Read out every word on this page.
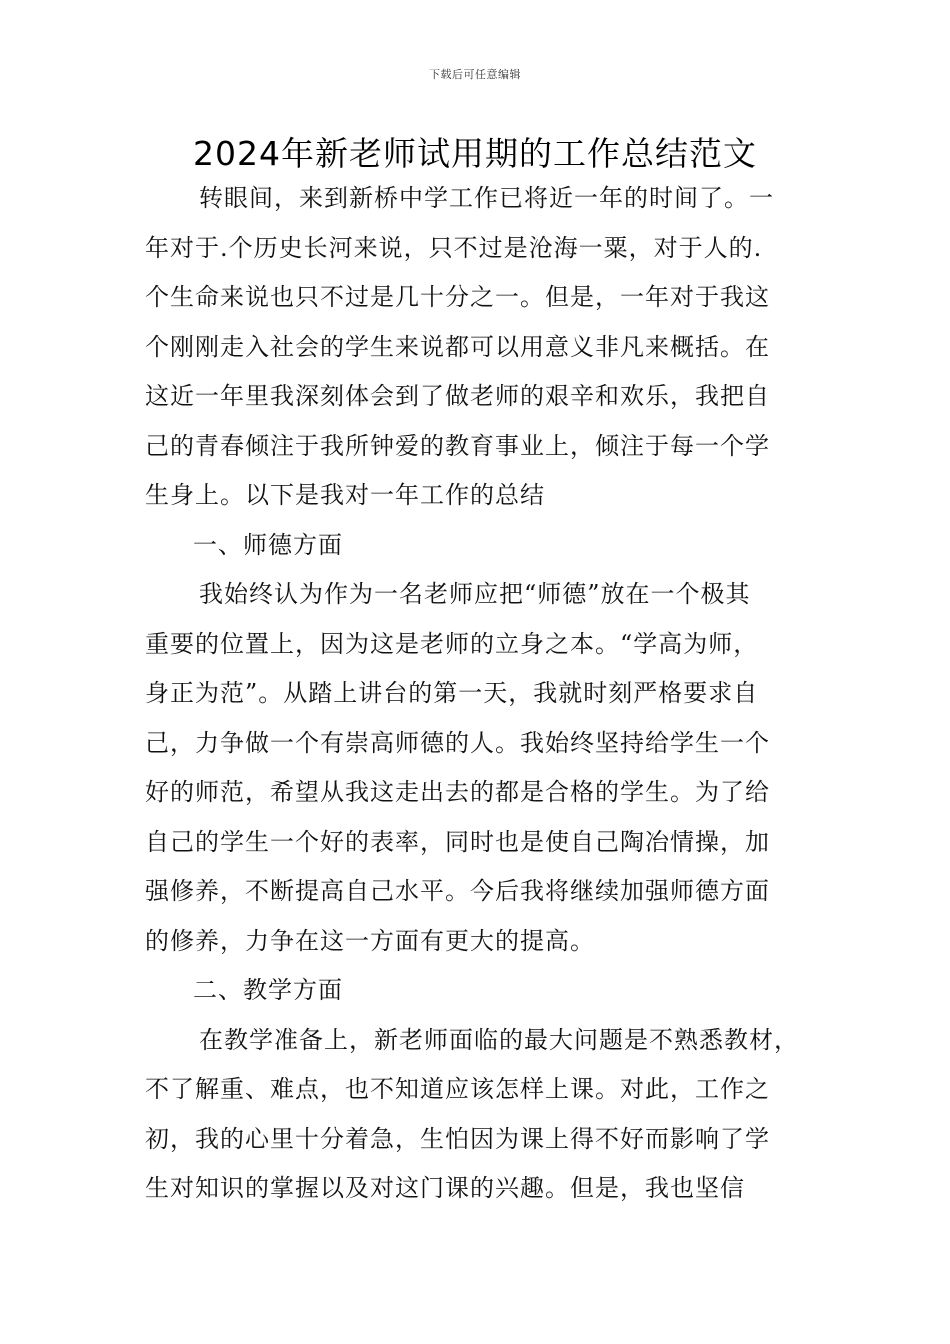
下载后可任意编辑
2024年新老师试用期的工作总结范文
转眼间，来到新桥中学工作已将近一年的时间了。一
年对于.个历史长河来说，只不过是沧海一粟，对于人的.
个生命来说也只不过是几十分之一。但是，一年对于我这
个刚刚走入社会的学生来说都可以用意义非凡来概括。在
这近一年里我深刻体会到了做老师的艰辛和欢乐，我把自
己的青春倾注于我所钟爱的教育事业上，倾注于每一个学
生身上。以下是我对一年工作的总结
一、师德方面
我始终认为作为一名老师应把“师德”放在一个极其
重要的位置上，因为这是老师的立身之本。“学高为师，
身正为范”。从踏上讲台的第一天，我就时刻严格要求自
己，力争做一个有崇高师德的人。我始终坚持给学生一个
好的师范，希望从我这走出去的都是合格的学生。为了给
自己的学生一个好的表率，同时也是使自己陶冶情操，加
强修养，不断提高自己水平。今后我将继续加强师德方面
的修养，力争在这一方面有更大的提高。
二、教学方面
在教学准备上，新老师面临的最大问题是不熟悉教材，
不了解重、难点，也不知道应该怎样上课。对此，工作之
初，我的心里十分着急，生怕因为课上得不好而影响了学
生对知识的掌握以及对这门课的兴趣。但是，我也坚信
